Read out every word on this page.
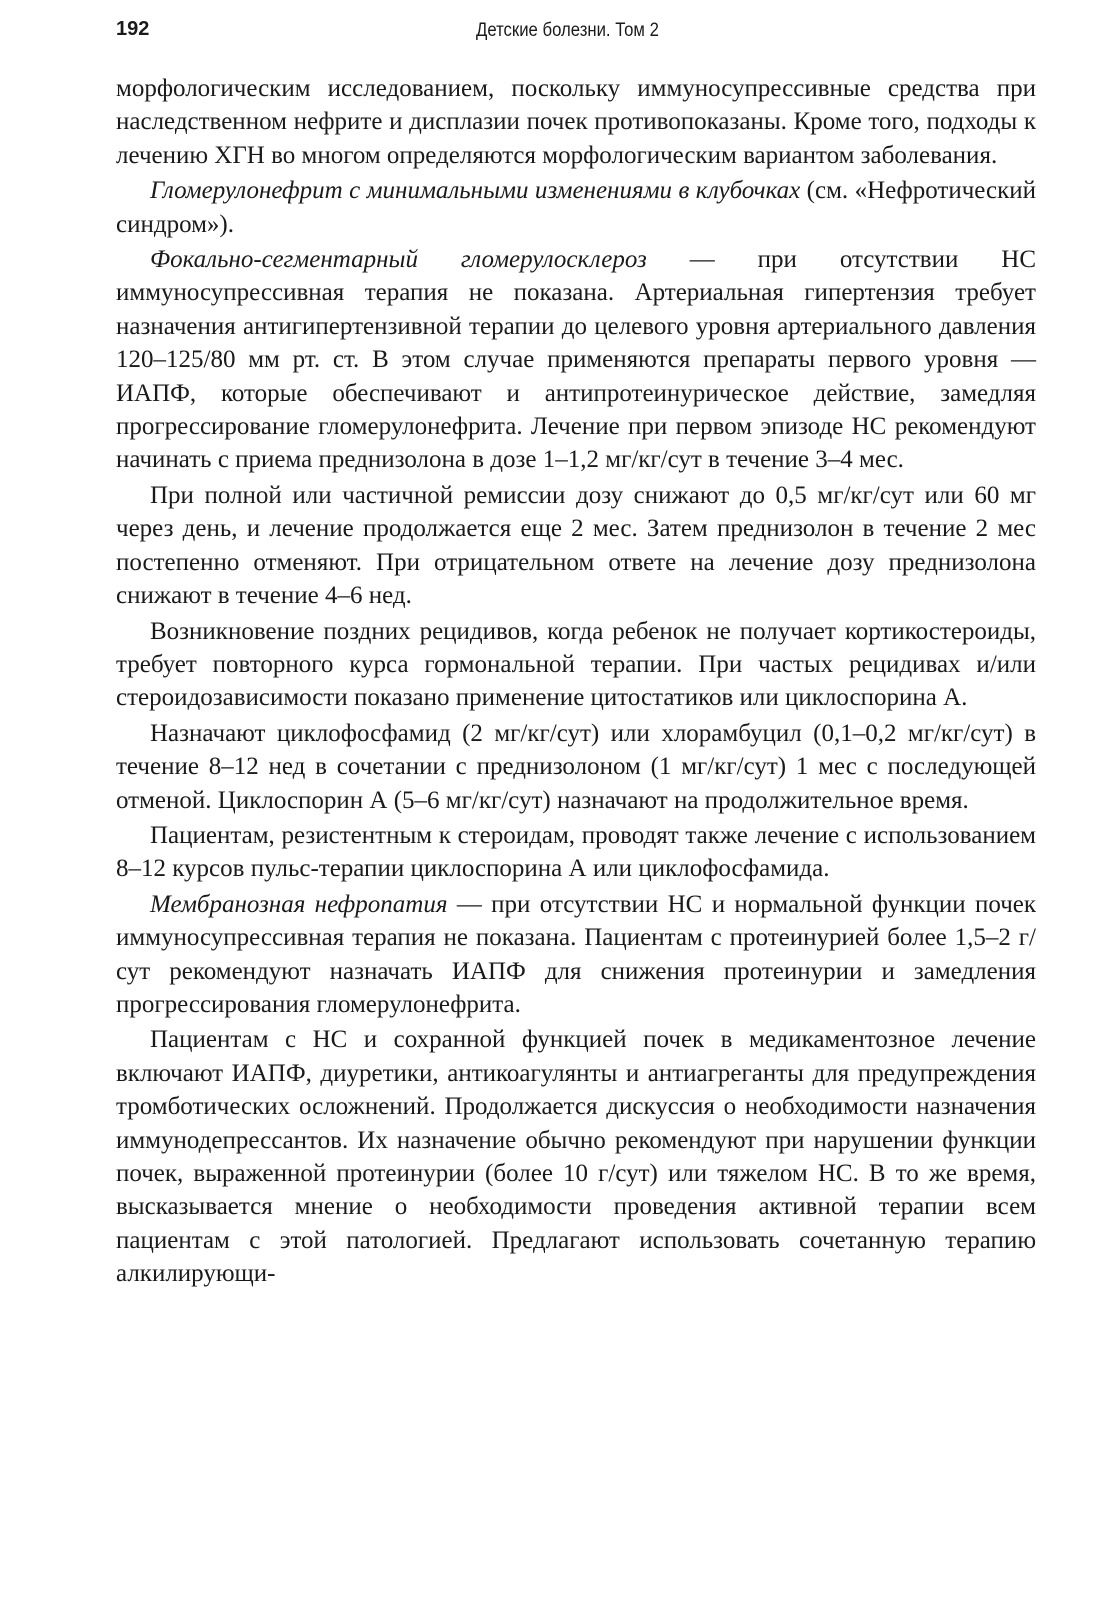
192	Детские болезни. Том 2

морфологическим исследованием, поскольку иммуносупрессивные средства при наследственном нефрите и дисплазии почек противопоказаны. Кроме того, подходы к лечению ХГН во многом определяются морфологическим вариантом заболевания.

Гломерулонефрит с минимальными изменениями в клубочках (см. «Нефротический синдром»).

Фокально-сегментарный гломерулосклероз — при отсутствии НС иммуносупрессивная терапия не показана. Артериальная гипертензия требует назначения антигипертензивной терапии до целевого уровня артериального давления 120–125/80 мм рт. ст. В этом случае применяются препараты первого уровня — ИАПФ, которые обеспечивают и антипротеинурическое действие, замедляя прогрессирование гломерулонефрита. Лечение при первом эпизоде НС рекомендуют начинать с приема преднизолона в дозе 1–1,2 мг/кг/сут в течение 3–4 мес.

При полной или частичной ремиссии дозу снижают до 0,5 мг/кг/сут или 60 мг через день, и лечение продолжается еще 2 мес. Затем преднизолон в течение 2 мес постепенно отменяют. При отрицательном ответе на лечение дозу преднизолона снижают в течение 4–6 нед.

Возникновение поздних рецидивов, когда ребенок не получает кортикостероиды, требует повторного курса гормональной терапии. При частых рецидивах и/или стероидозависимости показано применение цитостатиков или циклоспорина А.

Назначают циклофосфамид (2 мг/кг/сут) или хлорамбуцил (0,1–0,2 мг/кг/сут) в течение 8–12 нед в сочетании с преднизолоном (1 мг/кг/сут) 1 мес с последующей отменой. Циклоспорин А (5–6 мг/кг/сут) назначают на продолжительное время.

Пациентам, резистентным к стероидам, проводят также лечение с использованием 8–12 курсов пульс-терапии циклоспорина А или циклофосфамида.

Мембранозная нефропатия — при отсутствии НС и нормальной функции почек иммуносупрессивная терапия не показана. Пациентам с протеинурией более 1,5–2 г/сут рекомендуют назначать ИАПФ для снижения протеинурии и замедления прогрессирования гломерулонефрита.

Пациентам с НС и сохранной функцией почек в медикаментозное лечение включают ИАПФ, диуретики, антикоагулянты и антиагреганты для предупреждения тромботических осложнений. Продолжается дискуссия о необходимости назначения иммунодепрессантов. Их назначение обычно рекомендуют при нарушении функции почек, выраженной протеинурии (более 10 г/сут) или тяжелом НС. В то же время, высказывается мнение о необходимости проведения активной терапии всем пациентам с этой патологией. Предлагают использовать сочетанную терапию алкилирующи-
